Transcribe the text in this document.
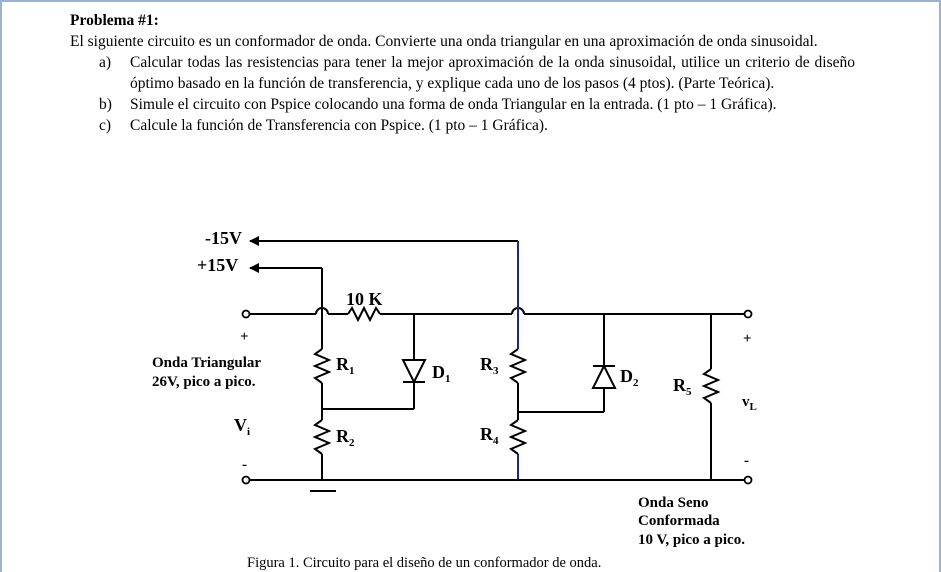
Problema #1:

El siguiente circuito es un conformador de onda. Convierte una onda triangular en una aproximación de onda sinusoidal.

a)	Calcular todas las resistencias para tener la mejor aproximación de la onda sinusoidal, utilice un criterio de diseño óptimo basado en la función de transferencia, y explique cada uno de los pasos (4 ptos). (Parte Teórica).
b)	Simule el circuito con Pspice colocando una forma de onda Triangular en la entrada. (1 pto – 1 Gráfica).
c)	Calcule la función de Transferencia con Pspice. (1 pto – 1 Gráfica).
-15V
+15V
+
-
10 K
$R_1$
$R_2$
$D_1$
$R_3$
$R_4$
$D_2$ $R_5$
+
-
$v_L$
Onda Triangular
26V, pico a pico.
$V_i$
Onda Seno
Conformada
10 V, pico a pico.
Figura 1. Circuito para el diseño de un conformador de onda.
